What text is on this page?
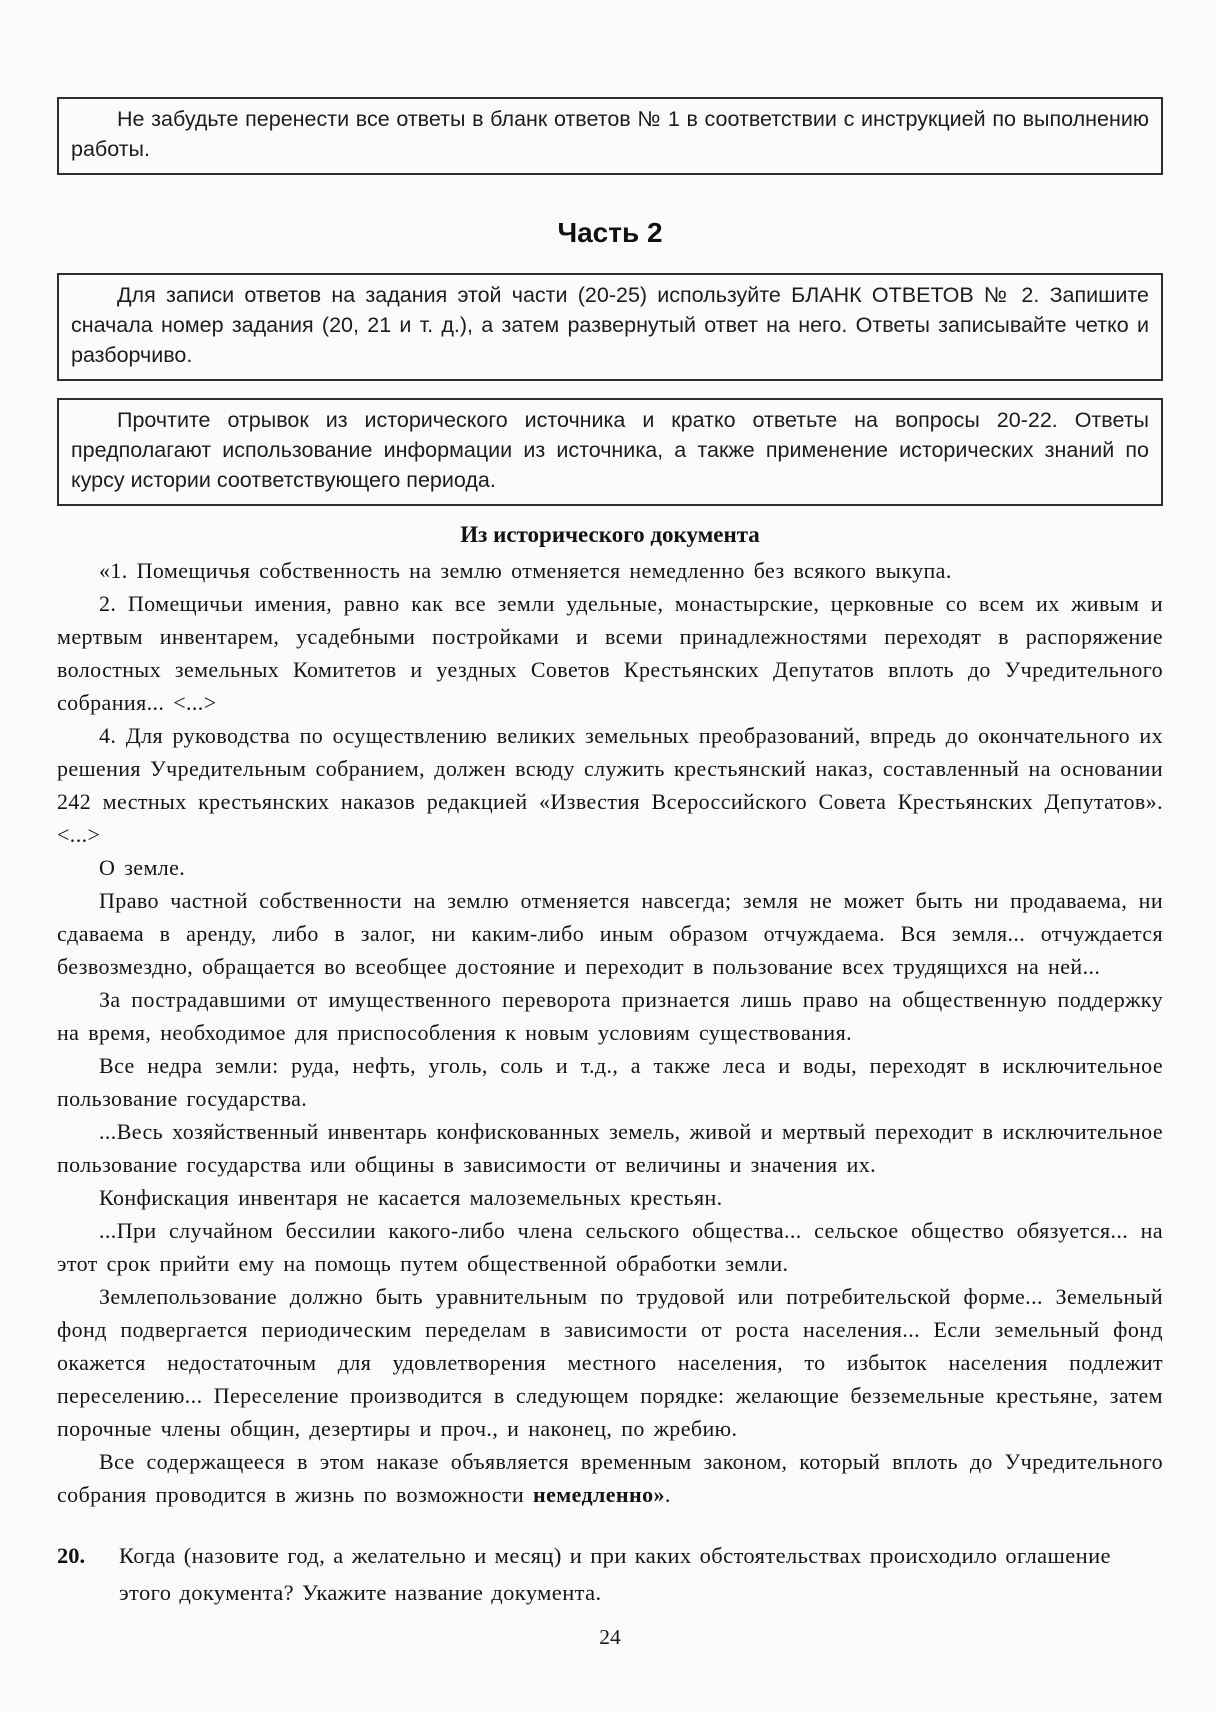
Не забудьте перенести все ответы в бланк ответов № 1 в соответствии с инструкцией по выполнению работы.

Часть 2

Для записи ответов на задания этой части (20-25) используйте БЛАНК ОТВЕТОВ № 2. Запишите сначала номер задания (20, 21 и т. д.), а затем развернутый ответ на него. Ответы записывайте четко и разборчиво.

Прочтите отрывок из исторического источника и кратко ответьте на вопросы 20-22. Ответы предполагают использование информации из источника, а также применение исторических знаний по курсу истории соответствующего периода.

Из исторического документа

«1. Помещичья собственность на землю отменяется немедленно без всякого выкупа.

2. Помещичьи имения, равно как все земли удельные, монастырские, церковные со всем их живым и мертвым инвентарем, усадебными постройками и всеми принадлежностями переходят в распоряжение волостных земельных Комитетов и уездных Советов Крестьянских Депутатов вплоть до Учредительного собрания... <...>

4. Для руководства по осуществлению великих земельных преобразований, впредь до окончательного их решения Учредительным собранием, должен всюду служить крестьянский наказ, составленный на основании 242 местных крестьянских наказов редакцией «Известия Всероссийского Совета Крестьянских Депутатов». <...>

О земле.

Право частной собственности на землю отменяется навсегда; земля не может быть ни продаваема, ни сдаваема в аренду, либо в залог, ни каким-либо иным образом отчуждаема. Вся земля... отчуждается безвозмездно, обращается во всеобщее достояние и переходит в пользование всех трудящихся на ней...

За пострадавшими от имущественного переворота признается лишь право на общественную поддержку на время, необходимое для приспособления к новым условиям существования.

Все недра земли: руда, нефть, уголь, соль и т.д., а также леса и воды, переходят в исключительное пользование государства.

...Весь хозяйственный инвентарь конфискованных земель, живой и мертвый переходит в исключительное пользование государства или общины в зависимости от величины и значения их.

Конфискация инвентаря не касается малоземельных крестьян.

...При случайном бессилии какого-либо члена сельского общества... сельское общество обязуется... на этот срок прийти ему на помощь путем общественной обработки земли.

Землепользование должно быть уравнительным по трудовой или потребительской форме... Земельный фонд подвергается периодическим переделам в зависимости от роста населения... Если земельный фонд окажется недостаточным для удовлетворения местного населения, то избыток населения подлежит переселению... Переселение производится в следующем порядке: желающие безземельные крестьяне, затем порочные члены общин, дезертиры и проч., и наконец, по жребию.

Все содержащееся в этом наказе объявляется временным законом, который вплоть до Учредительного собрания проводится в жизнь по возможности немедленно».

20.	Когда (назовите год, а желательно и месяц) и при каких обстоятельствах происходило оглашение этого документа? Укажите название документа.

24
